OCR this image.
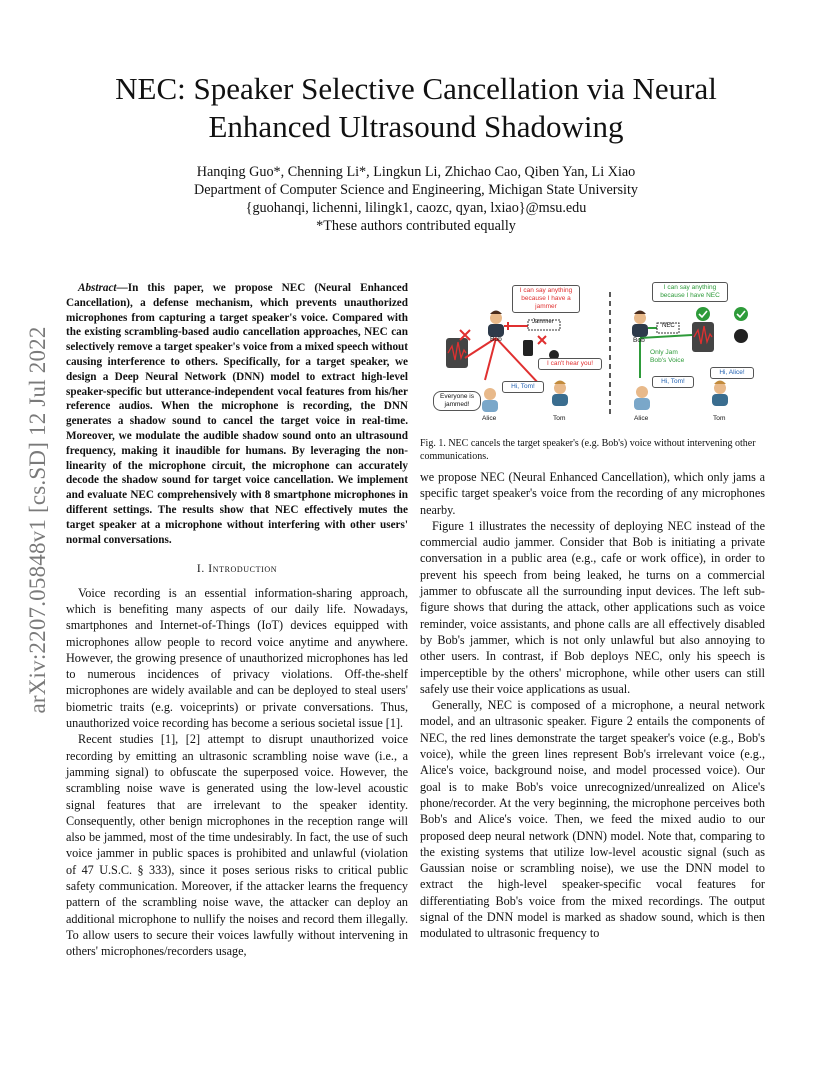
arXiv:2207.05848v1 [cs.SD] 12 Jul 2022
NEC: Speaker Selective Cancellation via Neural Enhanced Ultrasound Shadowing
Hanqing Guo*, Chenning Li*, Lingkun Li, Zhichao Cao, Qiben Yan, Li Xiao
Department of Computer Science and Engineering, Michigan State University
{guohanqi, lichenni, lilingk1, caozc, qyan, lxiao}@msu.edu
*These authors contributed equally

Abstract—In this paper, we propose NEC (Neural Enhanced Cancellation), a defense mechanism, which prevents unauthorized microphones from capturing a target speaker's voice. Compared with the existing scrambling-based audio cancellation approaches, NEC can selectively remove a target speaker's voice from a mixed speech without causing interference to others. Specifically, for a target speaker, we design a Deep Neural Network (DNN) model to extract high-level speaker-specific but utterance-independent vocal features from his/her reference audios. When the microphone is recording, the DNN generates a shadow sound to cancel the target voice in real-time. Moreover, we modulate the audible shadow sound onto an ultrasound frequency, making it inaudible for humans. By leveraging the non-linearity of the microphone circuit, the microphone can accurately decode the shadow sound for target voice cancellation. We implement and evaluate NEC comprehensively with 8 smartphone microphones in different settings. The results show that NEC effectively mutes the target speaker at a microphone without interfering with other users' normal conversations.

I. Introduction

Voice recording is an essential information-sharing approach, which is benefiting many aspects of our daily life. Nowadays, smartphones and Internet-of-Things (IoT) devices equipped with microphones allow people to record voice anytime and anywhere. However, the growing presence of unauthorized microphones has led to numerous incidences of privacy violations. Off-the-shelf microphones are widely available and can be deployed to steal users' biometric traits (e.g. voiceprints) or private conversations. Thus, unauthorized voice recording has become a serious societal issue [1].

Recent studies [1], [2] attempt to disrupt unauthorized voice recording by emitting an ultrasonic scrambling noise wave (i.e., a jamming signal) to obfuscate the superposed voice. However, the scrambling noise wave is generated using the low-level acoustic signal features that are irrelevant to the speaker identity. Consequently, other benign microphones in the reception range will also be jammed, most of the time undesirably. In fact, the use of such voice jammer in public spaces is prohibited and unlawful (violation of 47 U.S.C. § 333), since it poses serious risks to critical public safety communication. Moreover, if the attacker learns the frequency pattern of the scrambling noise wave, the attacker can deploy an additional microphone to nullify the noises and record them illegally. To allow users to secure their voices lawfully without intervening in others' microphones/recorders usage,

I can say anything because I have a jammer
Jammer
Bob
I can't hear you!
Hi, Tom!
Everyone is jammed!
Alice	Tom
I can say anything because I have NEC
NEC
Bob
Only Jam Bob's Voice
Hi, Tom!
Hi, Alice!
Alice	Tom
Fig. 1. NEC cancels the target speaker's (e.g. Bob's) voice without intervening other communications.

we propose NEC (Neural Enhanced Cancellation), which only jams a specific target speaker's voice from the recording of any microphones nearby.

Figure 1 illustrates the necessity of deploying NEC instead of the commercial audio jammer. Consider that Bob is initiating a private conversation in a public area (e.g., cafe or work office), in order to prevent his speech from being leaked, he turns on a commercial jammer to obfuscate all the surrounding input devices. The left sub-figure shows that during the attack, other applications such as voice reminder, voice assistants, and phone calls are all effectively disabled by Bob's jammer, which is not only unlawful but also annoying to other users. In contrast, if Bob deploys NEC, only his speech is imperceptible by the others' microphone, while other users can still safely use their voice applications as usual.

Generally, NEC is composed of a microphone, a neural network model, and an ultrasonic speaker. Figure 2 entails the components of NEC, the red lines demonstrate the target speaker's voice (e.g., Bob's voice), while the green lines represent Bob's irrelevant voice (e.g., Alice's voice, background noise, and model processed voice). Our goal is to make Bob's voice unrecognized/unrealized on Alice's phone/recorder. At the very beginning, the microphone perceives both Bob's and Alice's voice. Then, we feed the mixed audio to our proposed deep neural network (DNN) model. Note that, comparing to the existing systems that utilize low-level acoustic signal (such as Gaussian noise or scrambling noise), we use the DNN model to extract the high-level speaker-specific vocal features for differentiating Bob's voice from the mixed recordings. The output signal of the DNN model is marked as shadow sound, which is then modulated to ultrasonic frequency to
